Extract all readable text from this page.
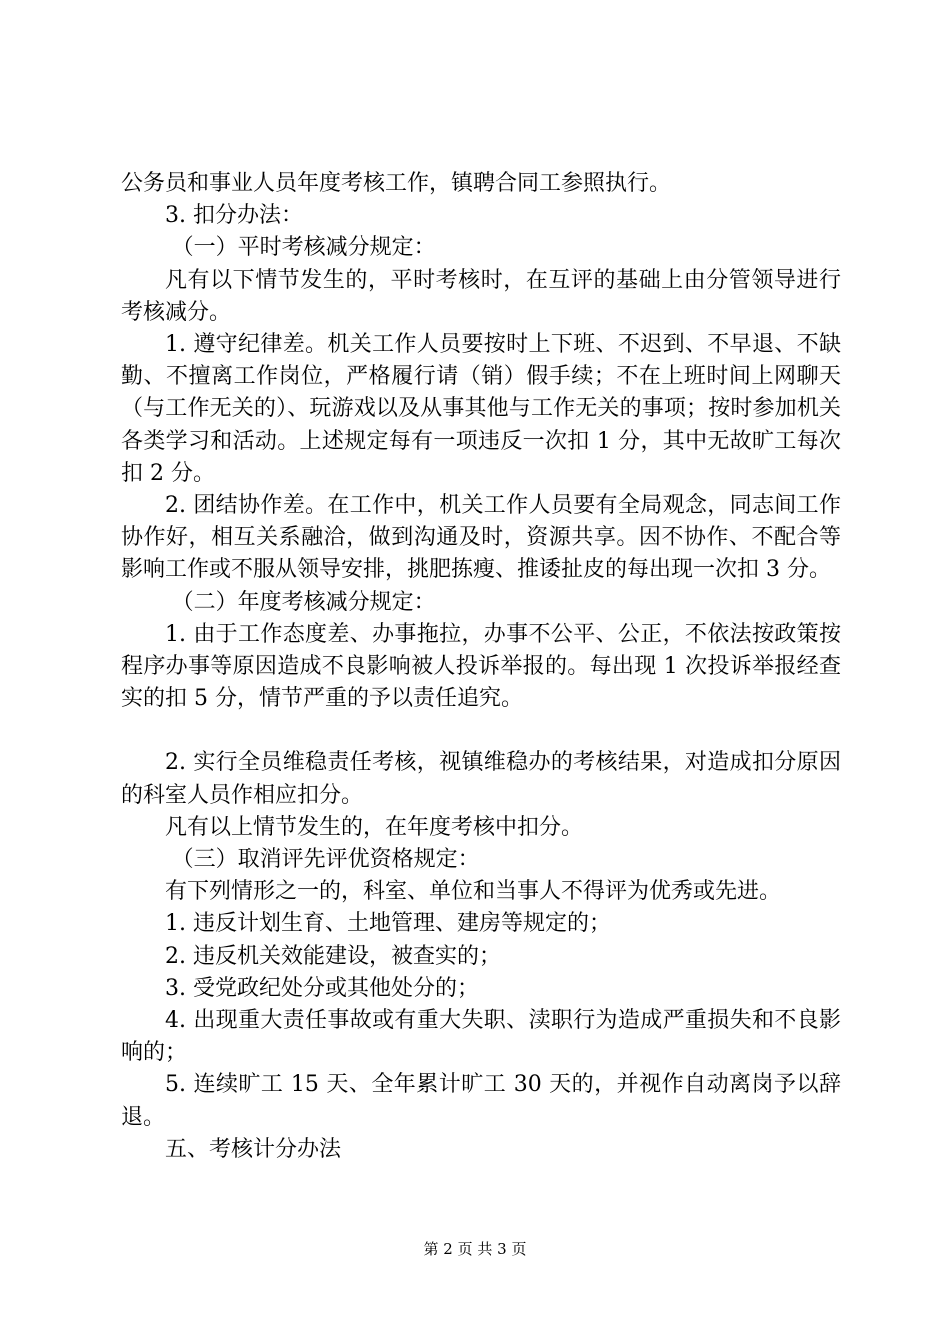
公务员和事业人员年度考核工作，镇聘合同工参照执行。

3. 扣分办法：

（一）平时考核减分规定：

凡有以下情节发生的，平时考核时，在互评的基础上由分管领导进行考核减分。

1. 遵守纪律差。机关工作人员要按时上下班、不迟到、不早退、不缺勤、不擅离工作岗位，严格履行请（销）假手续；不在上班时间上网聊天（与工作无关的）、玩游戏以及从事其他与工作无关的事项；按时参加机关各类学习和活动。上述规定每有一项违反一次扣 1 分，其中无故旷工每次扣 2 分。

2. 团结协作差。在工作中，机关工作人员要有全局观念，同志间工作协作好，相互关系融洽，做到沟通及时，资源共享。因不协作、不配合等影响工作或不服从领导安排，挑肥拣瘦、推诿扯皮的每出现一次扣 3 分。

（二）年度考核减分规定：

1. 由于工作态度差、办事拖拉，办事不公平、公正，不依法按政策按程序办事等原因造成不良影响被人投诉举报的。每出现 1 次投诉举报经查实的扣 5 分，情节严重的予以责任追究。

2. 实行全员维稳责任考核，视镇维稳办的考核结果，对造成扣分原因的科室人员作相应扣分。

凡有以上情节发生的，在年度考核中扣分。

（三）取消评先评优资格规定：

有下列情形之一的，科室、单位和当事人不得评为优秀或先进。

1. 违反计划生育、土地管理、建房等规定的；

2. 违反机关效能建设，被查实的；

3. 受党政纪处分或其他处分的；

4. 出现重大责任事故或有重大失职、渎职行为造成严重损失和不良影响的；

5. 连续旷工 15 天、全年累计旷工 30 天的，并视作自动离岗予以辞退。

五、考核计分办法

第 2 页 共 3 页
